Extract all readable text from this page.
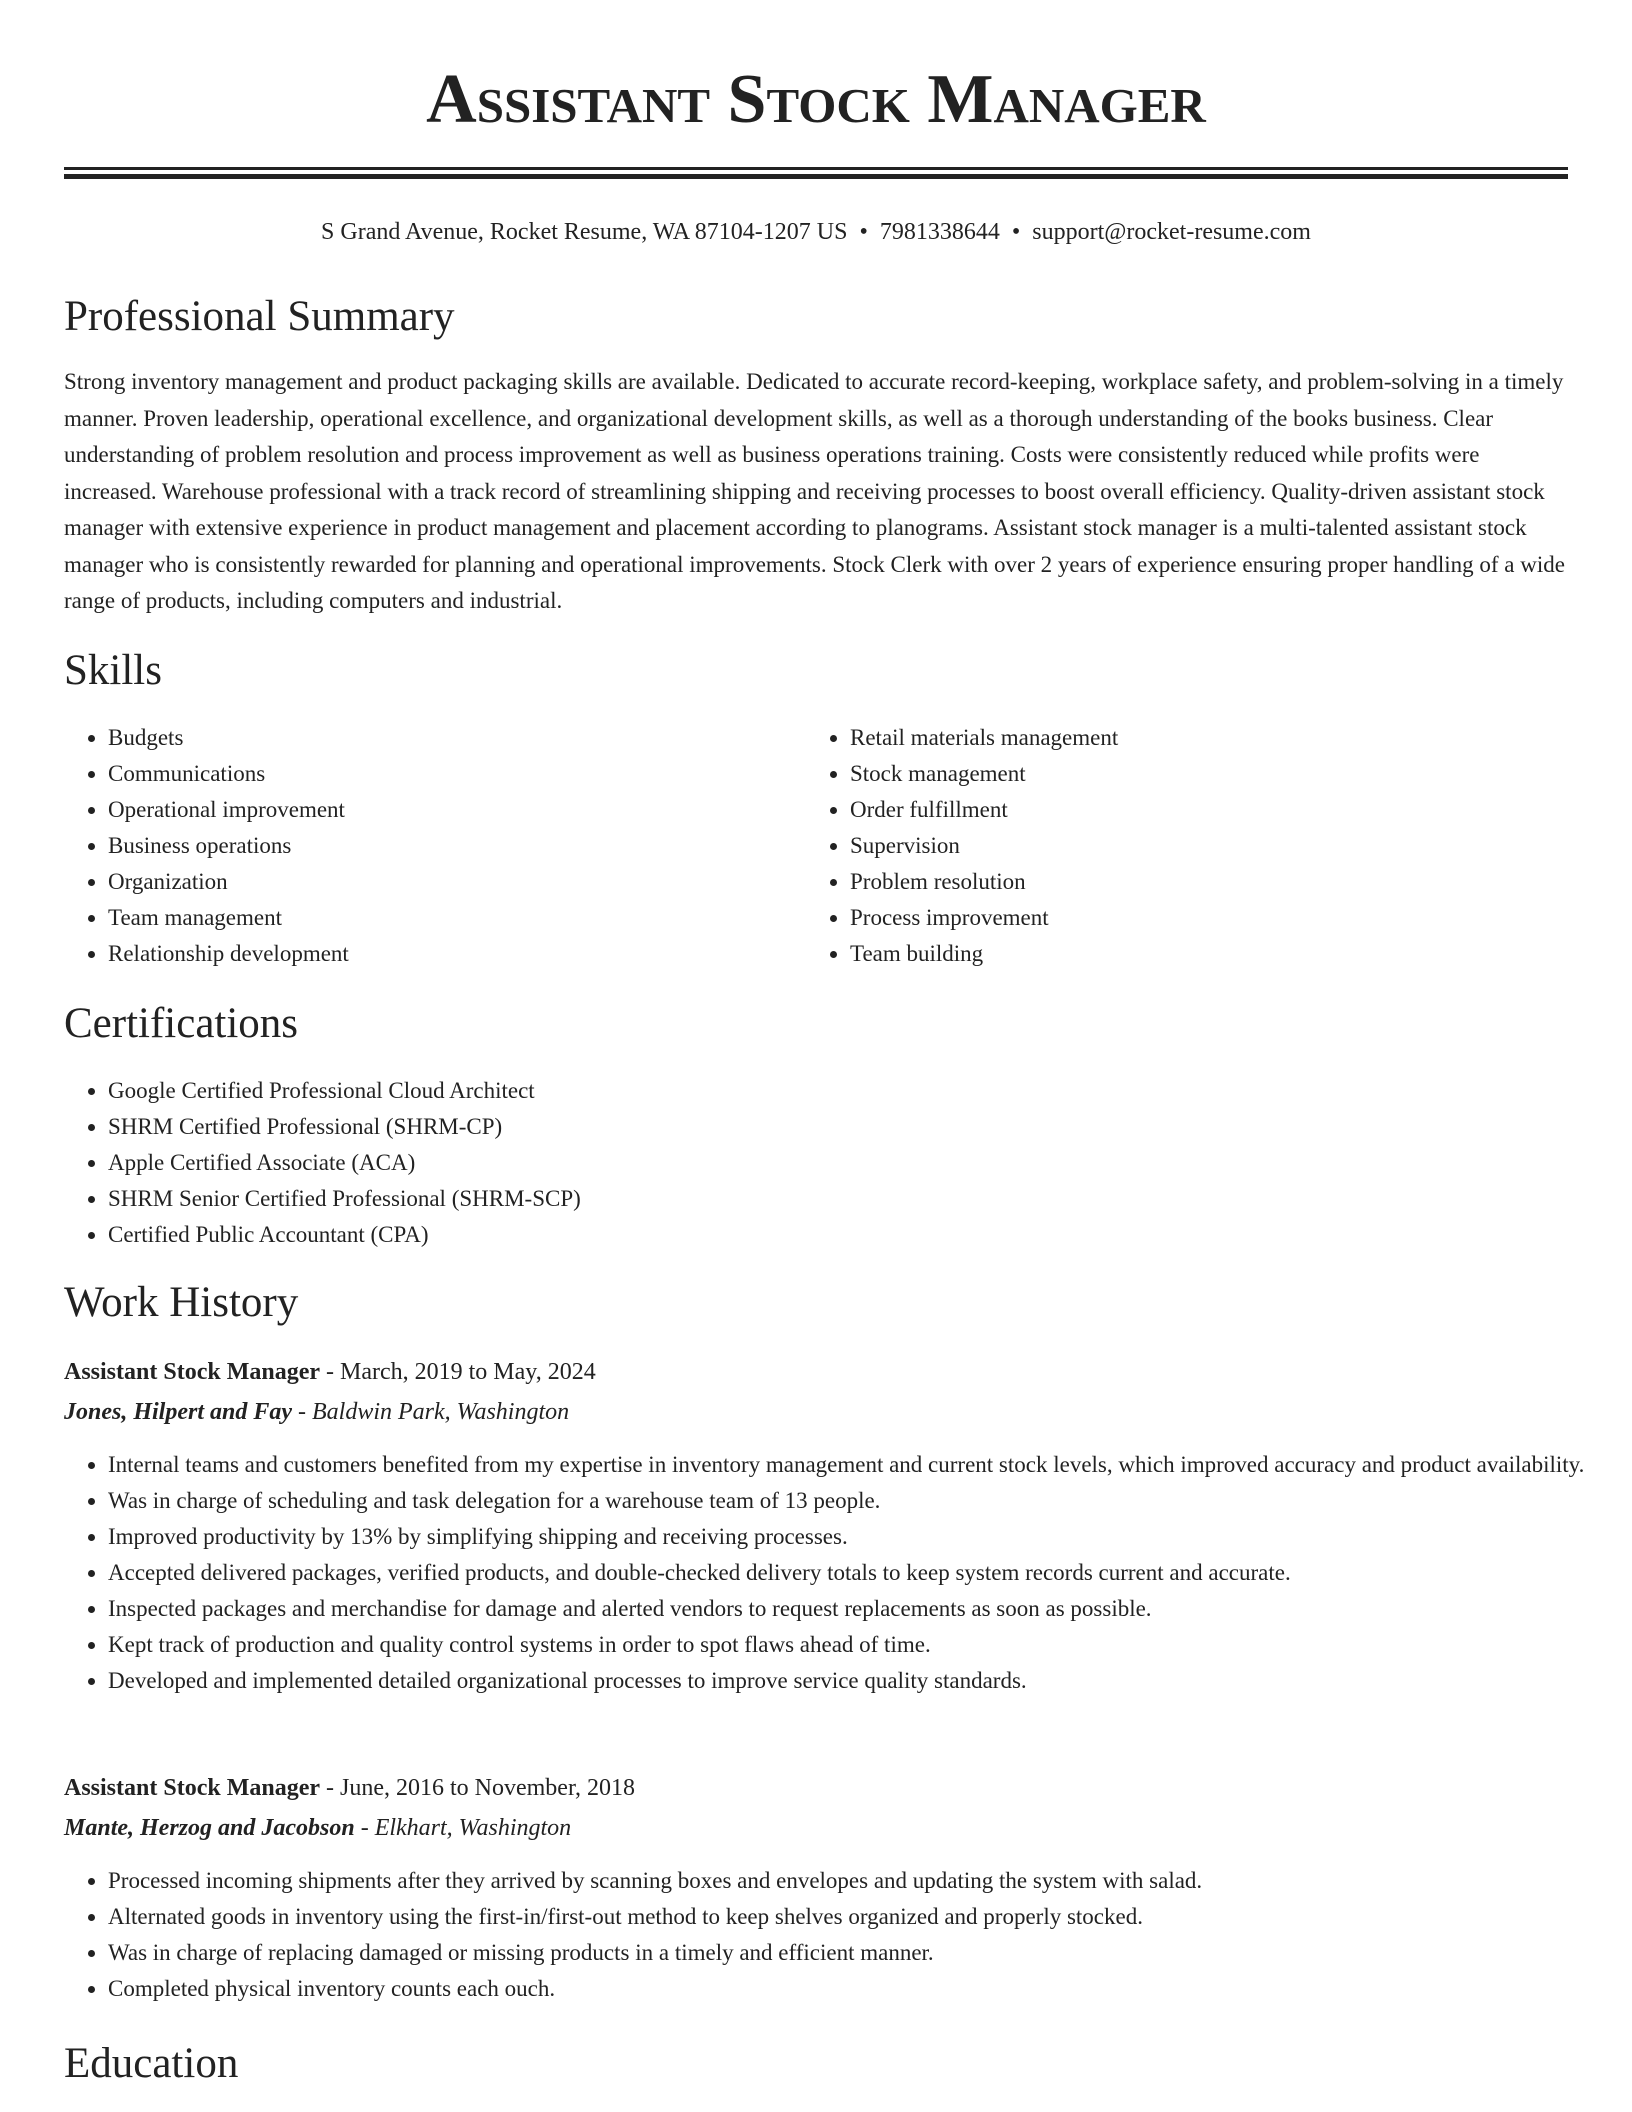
Assistant Stock Manager
S Grand Avenue, Rocket Resume, WA 87104-1207 US • 7981338644 • support@rocket-resume.com
Professional Summary

Strong inventory management and product packaging skills are available. Dedicated to accurate record-keeping, workplace safety, and problem-solving in a timely manner. Proven leadership, operational excellence, and organizational development skills, as well as a thorough understanding of the books business. Clear understanding of problem resolution and process improvement as well as business operations training. Costs were consistently reduced while profits were increased. Warehouse professional with a track record of streamlining shipping and receiving processes to boost overall efficiency. Quality-driven assistant stock manager with extensive experience in product management and placement according to planograms. Assistant stock manager is a multi-talented assistant stock manager who is consistently rewarded for planning and operational improvements. Stock Clerk with over 2 years of experience ensuring proper handling of a wide range of products, including computers and industrial.

Skills
• Budgets
• Communications
• Operational improvement
• Business operations
• Organization
• Team management
• Relationship development
• Retail materials management
• Stock management
• Order fulfillment
• Supervision
• Problem resolution
• Process improvement
• Team building
Certifications
• Google Certified Professional Cloud Architect
• SHRM Certified Professional (SHRM-CP)
• Apple Certified Associate (ACA)
• SHRM Senior Certified Professional (SHRM-SCP)
• Certified Public Accountant (CPA)
Work History
Assistant Stock Manager - March, 2019 to May, 2024
Jones, Hilpert and Fay - Baldwin Park, Washington
• Internal teams and customers benefited from my expertise in inventory management and current stock levels, which improved accuracy and product availability.
• Was in charge of scheduling and task delegation for a warehouse team of 13 people.
• Improved productivity by 13% by simplifying shipping and receiving processes.
• Accepted delivered packages, verified products, and double-checked delivery totals to keep system records current and accurate.
• Inspected packages and merchandise for damage and alerted vendors to request replacements as soon as possible.
• Kept track of production and quality control systems in order to spot flaws ahead of time.
• Developed and implemented detailed organizational processes to improve service quality standards.
Assistant Stock Manager - June, 2016 to November, 2018
Mante, Herzog and Jacobson - Elkhart, Washington
• Processed incoming shipments after they arrived by scanning boxes and envelopes and updating the system with salad.
• Alternated goods in inventory using the first-in/first-out method to keep shelves organized and properly stocked.
• Was in charge of replacing damaged or missing products in a timely and efficient manner.
• Completed physical inventory counts each ouch.
Education
